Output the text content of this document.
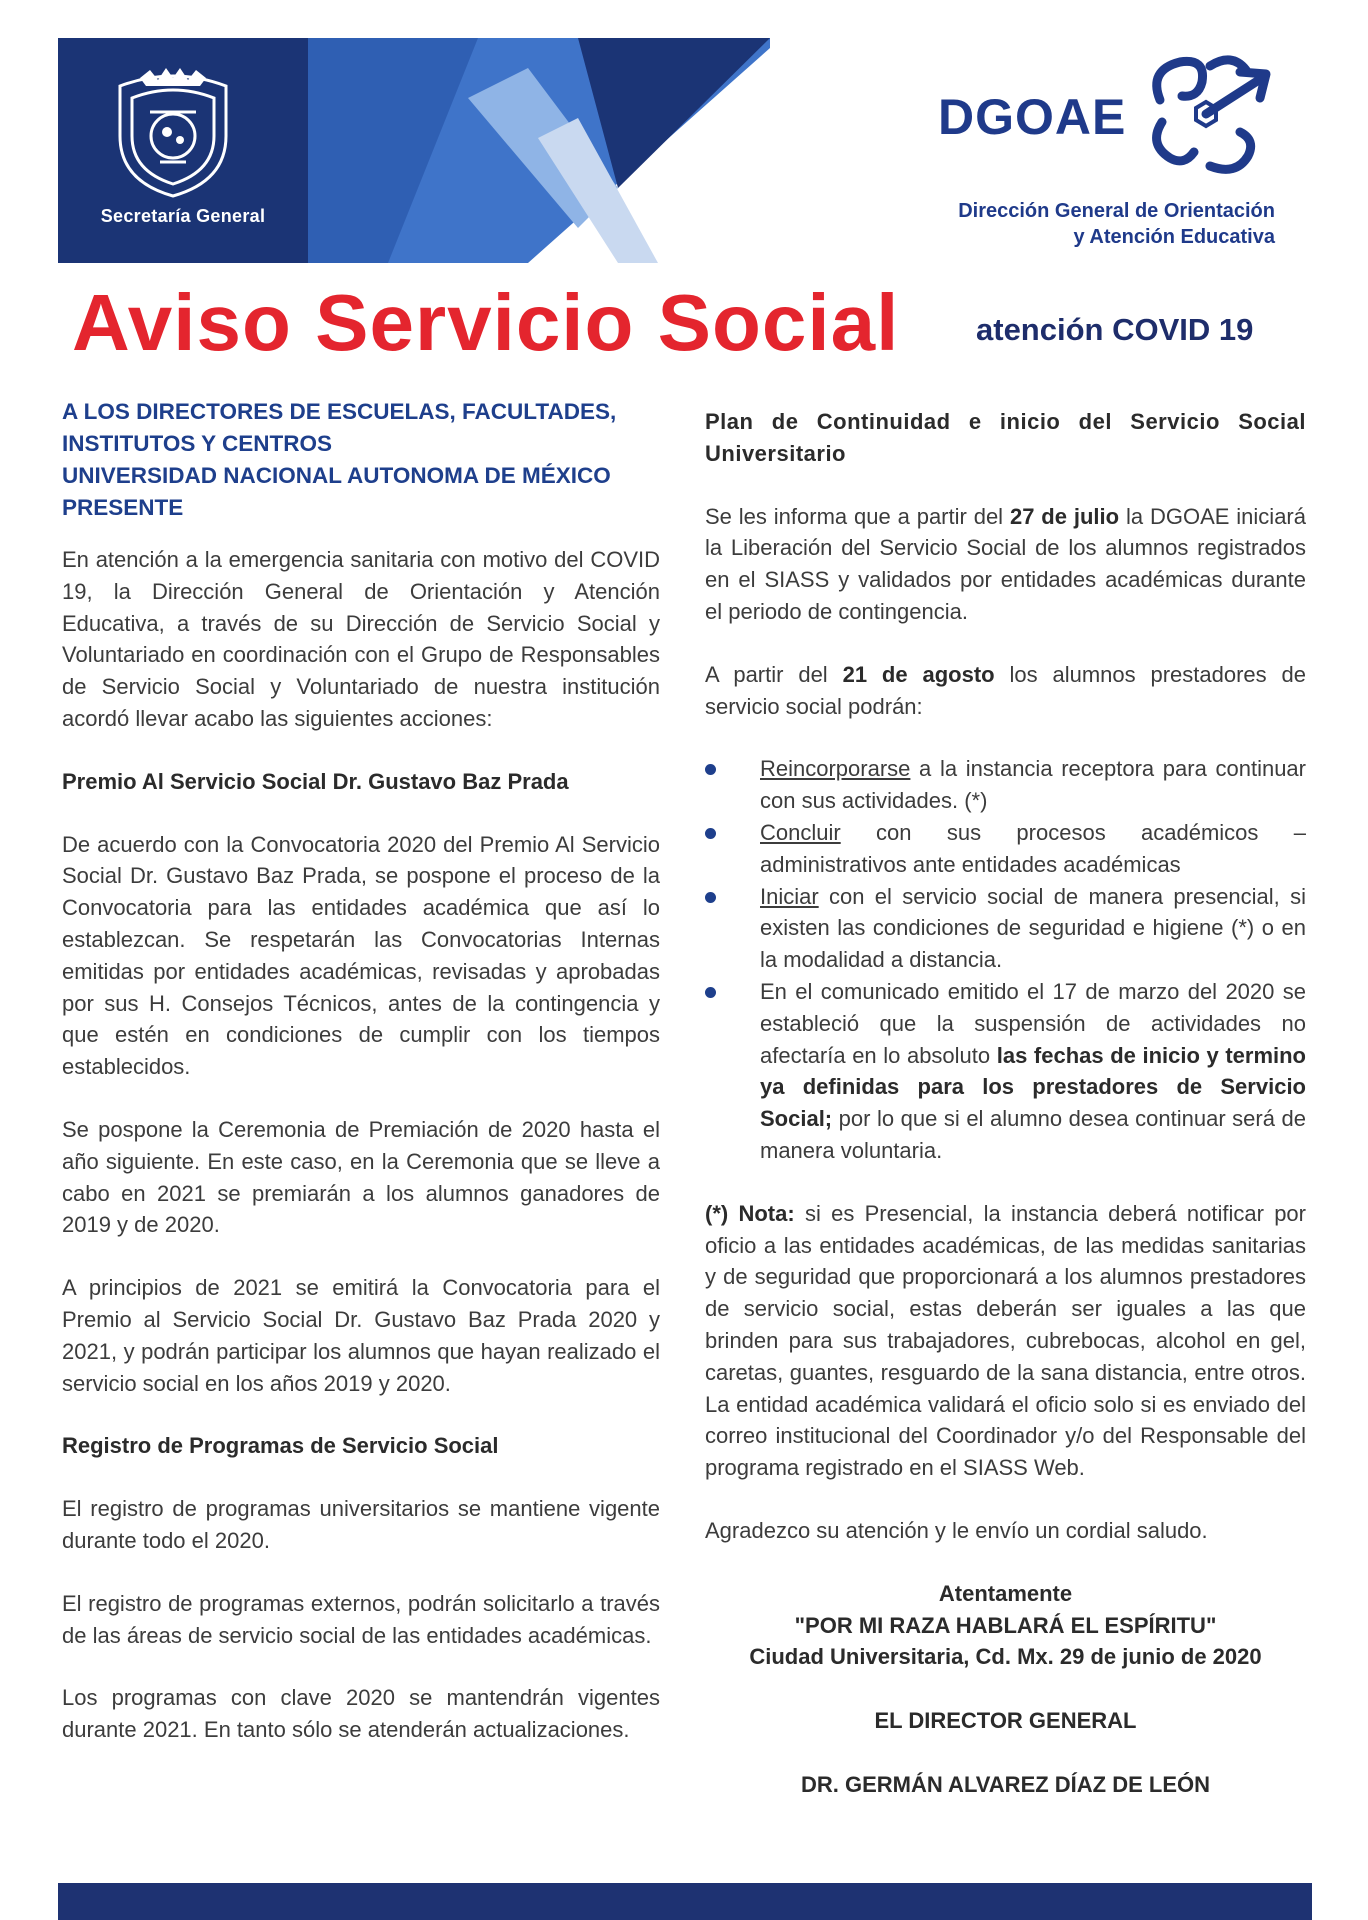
Secretaría General
DGOAE
Dirección General de Orientación
y Atención Educativa
Aviso Servicio Social atención COVID 19
A LOS DIRECTORES DE ESCUELAS, FACULTADES,
INSTITUTOS Y CENTROS
UNIVERSIDAD NACIONAL AUTONOMA DE MÉXICO
PRESENTE

En atención a la emergencia sanitaria con motivo del COVID 19, la Dirección General de Orientación y Atención Educativa, a través de su Dirección de Servicio Social y Voluntariado en coordinación con el Grupo de Responsables de Servicio Social y Voluntariado de nuestra institución acordó llevar acabo las siguientes acciones:

Premio Al Servicio Social Dr. Gustavo Baz Prada

De acuerdo con la Convocatoria 2020 del Premio Al Servicio Social Dr. Gustavo Baz Prada, se pospone el proceso de la Convocatoria para las entidades académica que así lo establezcan. Se respetarán las Convocatorias Internas emitidas por entidades académicas, revisadas y aprobadas por sus H. Consejos Técnicos, antes de la contingencia y que estén en condiciones de cumplir con los tiempos establecidos.

Se pospone la Ceremonia de Premiación de 2020 hasta el año siguiente. En este caso, en la Ceremonia que se lleve a cabo en 2021 se premiarán a los alumnos ganadores de 2019 y de 2020.

A principios de 2021 se emitirá la Convocatoria para el Premio al Servicio Social Dr. Gustavo Baz Prada 2020 y 2021, y podrán participar los alumnos que hayan realizado el servicio social en los años 2019 y 2020.

Registro de Programas de Servicio Social

El registro de programas universitarios se mantiene vigente durante todo el 2020.

El registro de programas externos, podrán solicitarlo a través de las áreas de servicio social de las entidades académicas.

Los programas con clave 2020 se mantendrán vigentes durante 2021. En tanto sólo se atenderán actualizaciones.

Plan de Continuidad e inicio del Servicio Social Universitario

Se les informa que a partir del 27 de julio la DGOAE iniciará la Liberación del Servicio Social de los alumnos registrados en el SIASS y validados por entidades académicas durante el periodo de contingencia.

A partir del 21 de agosto los alumnos prestadores de servicio social podrán:

Reincorporarse a la instancia receptora para continuar con sus actividades. (*)
Concluir con sus procesos académicos – administrativos ante entidades académicas
Iniciar con el servicio social de manera presencial, si existen las condiciones de seguridad e higiene (*) o en la modalidad a distancia.
En el comunicado emitido el 17 de marzo del 2020 se estableció que la suspensión de actividades no afectaría en lo absoluto las fechas de inicio y termino ya definidas para los prestadores de Servicio Social; por lo que si el alumno desea continuar será de manera voluntaria.

(*) Nota: si es Presencial, la instancia deberá notificar por oficio a las entidades académicas, de las medidas sanitarias y de seguridad que proporcionará a los alumnos prestadores de servicio social, estas deberán ser iguales a las que brinden para sus trabajadores, cubrebocas, alcohol en gel, caretas, guantes, resguardo de la sana distancia, entre otros. La entidad académica validará el oficio solo si es enviado del correo institucional del Coordinador y/o del Responsable del programa registrado en el SIASS Web.

Agradezco su atención y le envío un cordial saludo.

Atentamente
"POR MI RAZA HABLARÁ EL ESPÍRITU"
Ciudad Universitaria, Cd. Mx. 29 de junio de 2020
EL DIRECTOR GENERAL
DR. GERMÁN ALVAREZ DÍAZ DE LEÓN
